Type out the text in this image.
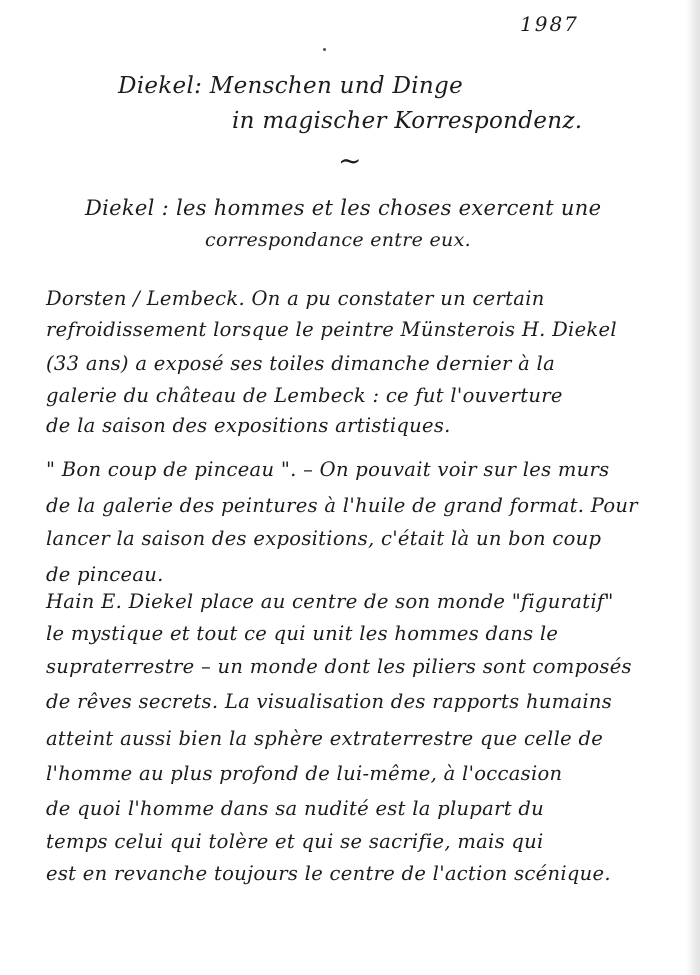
1987
Diekel: Menschen und Dinge
in magischer Korrespondenz.
~
Diekel : les hommes et les choses exercent une
correspondance entre eux.
Dorsten / Lembeck. On a pu constater un certain
refroidissement lorsque le peintre Münsterois H. Diekel
(33 ans) a exposé ses toiles dimanche dernier à la
galerie du château de Lembeck : ce fut l'ouverture
de la saison des expositions artistiques.
" Bon coup de pinceau ". – On pouvait voir sur les murs
de la galerie des peintures à l'huile de grand format. Pour
lancer la saison des expositions, c'était là un bon coup
de pinceau.
Hain E. Diekel place au centre de son monde "figuratif"
le mystique et tout ce qui unit les hommes dans le
supraterrestre – un monde dont les piliers sont composés
de rêves secrets. La visualisation des rapports humains
atteint aussi bien la sphère extraterrestre que celle de
l'homme au plus profond de lui-même, à l'occasion
de quoi l'homme dans sa nudité est la plupart du
temps celui qui tolère et qui se sacrifie, mais qui
est en revanche toujours le centre de l'action scénique.
